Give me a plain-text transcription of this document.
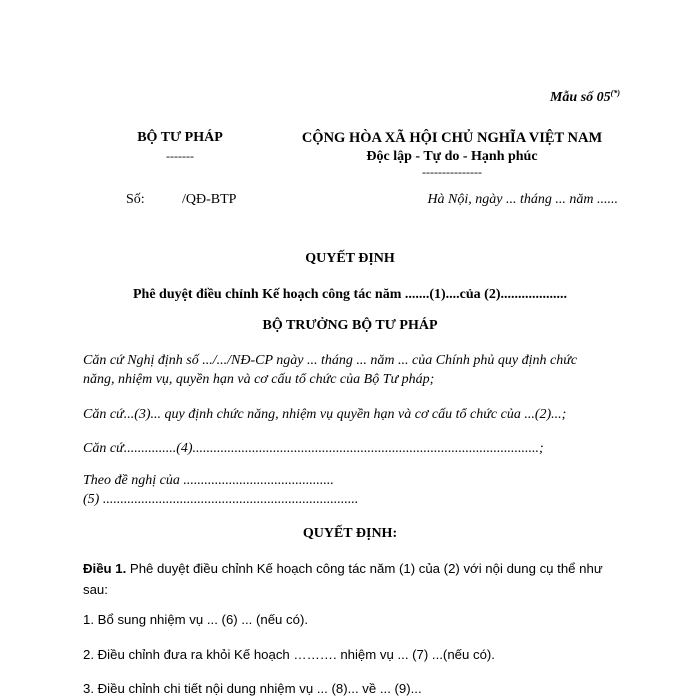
Mẫu số 05(*)
BỘ TƯ PHÁP
-------
CỘNG HÒA XÃ HỘI CHỦ NGHĨA VIỆT NAM
Độc lập - Tự do - Hạnh phúc
---------------
Số:	/QĐ-BTP	Hà Nội, ngày ... tháng ... năm ......
QUYẾT ĐỊNH
Phê duyệt điều chỉnh Kế hoạch công tác năm .......(1)....của (2)...................
BỘ TRƯỞNG BỘ TƯ PHÁP
Căn cứ Nghị định số .../.../NĐ-CP ngày ... tháng ... năm ... của Chính phủ quy định chức
năng, nhiệm vụ, quyền hạn và cơ cấu tổ chức của Bộ Tư pháp;
Căn cứ...(3)... quy định chức năng, nhiệm vụ quyền hạn và cơ cấu tổ chức của ...(2)...;
Căn cứ...............(4)...................................................................................................;
Theo đề nghị của ...........................................
(5) .........................................................................
QUYẾT ĐỊNH:
Điều 1. Phê duyệt điều chỉnh Kế hoạch công tác năm (1) của (2) với nội dung cụ thể như
sau:
1. Bổ sung nhiệm vụ ... (6) ... (nếu có).
2. Điều chỉnh đưa ra khỏi Kế hoạch ………. nhiệm vụ ... (7) ...(nếu có).
3. Điều chỉnh chi tiết nội dung nhiệm vụ ... (8)... về ... (9)...
